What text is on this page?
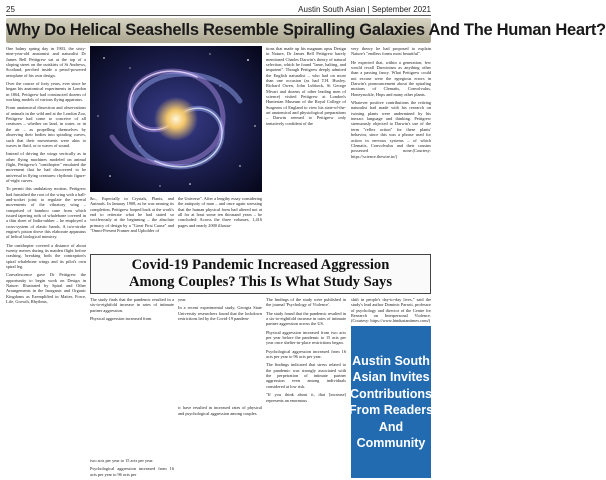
25	Austin South Asian | September 2021
Why Do Helical Seashells Resemble Spiralling Galaxies And The Human Heart?

One balmy spring day in 1903, the sixty-nine-year-old anatomist and naturalist Dr James Bell Pettigrew sat at the top of a sloping street on the outskirts of St Andrews, Scotland, perched inside a petrol-powered aeroplane of his own design.

Over the course of forty years, ever since he began his anatomical experiments in London in 1864, Pettigrew had constructed dozens of working models of various flying apparatus.

From anatomical dissection and observations of animals in the wild and at the London Zoo, Pettigrew had come to conceive of all creatures – whether on land, in water, or in the air – as propelling themselves by observing their bodies into spiraling curves, such that their movements were akin to waves in fluid, or to waves of sound.

Instead of driving the wings vertically as in other flying machines modeled on animal flight, Pettigrew's "ornithopter" emulated the movement that he had discovered to be universal in flying creatures: rhythmic figure-of-eight curves.

To permit this undulatory motion, Pettigrew had furnished the root of the wing with a ball-and-socket joint; to regulate the several movements of the vibratory wing – comprised of bamboo cane from which issued tapering rods of whalebone covered in a thin sheet of India-rubber – he employed a cross-system of elastic bands. A two-stroke engine's piston drove this elaborate apparatus of helical biological mimicry.

The ornithopter covered a distance of about twenty metres during its maiden flight before crashing, breaking both the contraption's spiral whalebone wings and its pilot's own spiral leg.

Convalescence gave Dr Pettigrew the opportunity to begin work on Design in Nature: Illustrated by Spiral and Other Arrangements in the Inorganic and Organic Kingdoms as Exemplified in Matter, Force, Life, Growth, Rhythms,

&c., Especially in Crystals, Plants, and Animals. In January 1908, as he was nearing its completion, Pettigrew looped back at the work's end to reiterate what he had stated so vociferously at the beginning – the absolute primacy of design by a "Great First Cause" and "Omni-Present Framer and Upholder of

the Universe". After a lengthy essay considering the antiquity of man – and once again stressing that the human physical form had altered not at all for at least some ten thousand years – he concluded: Across the three volumes, 1,416 pages and nearly 2000 illustra-

tions that made up his magnum opus Design in Nature, Dr James Bell Pettigrew barely mentioned Charles Darwin's theory of natural selection, which he found "lame, halting, and impotent". Though Pettigrew deeply admired the English naturalist – who had on more than one occasion (as had T.H. Huxley, Richard Owen, John Lubbock, St George Mivart and dozens of other leading men of science) visited Pettigrew at London's Hunterian Museum of the Royal College of Surgeons of England to view his state-of-the-art anatomical and physiological preparations – Darwin seemed to Pettigrew only tentatively confident of the

very theory he had proposed to explain Nature's "endless forms most beautiful".

He expected that, within a generation, few would recall Darwinism as anything other than a passing fancy. What Pettigrew could not excuse were the egregious errors in Darwin's pronouncement about the spiraling motions of Clematis, Convolvulus, Honeysuckle, Hops and many other plants.

Whatever positive contributions the retiring naturalist had made with his research on twining plants were undermined by his inexact language and thinking. Pettigrew strenuously objected to Darwin's use of the term "reflex action" for these plants' behavior, since this was a phrase used for action in nervous systems – of which Clematis, Convolvulus and their cousins possessed none.(Courtesy: https://science.thewire.in/)

Covid-19 Pandemic Increased Aggression
Among Couples? This Is What Study Says

The study finds that the pandemic resulted in a six-to-eightfold increase in rates of intimate partner aggression.

Physical aggression increased from

two acts per year to 15 acts per year.

Psychological aggression increased from 16 acts per year to 96 acts per

year.

In a recent experimental study, Georgia State University researchers found that the lockdown restrictions led by the Covid-19 pandem-

ic have resulted in increased rates of physical and psychological aggression among couples.

The findings of the study were published in the journal 'Psychology of Violence'.

The study found that the pandemic resulted in a six-to-eightfold increase in rates of intimate partner aggression across the US.

Physical aggression increased from two acts per year before the pandemic to 15 acts per year once shelter-in-place restrictions began.

Psychological aggression increased from 16 acts per year to 96 acts per year.

The findings indicated that stress related to the pandemic was strongly associated with the perpetration of intimate partner aggression even among individuals considered at low risk.

"If you think about it, that [increase] represents an enormous

shift in people's day-to-day lives," said the study's lead author Dominic Parrott, professor of psychology and director of the Centre for Research on Interpersonal Violence.(Courtesy: https://www.hindustantimes.com/)

Austin South
Asian Invites
Contributions
From Readers
And
Community
